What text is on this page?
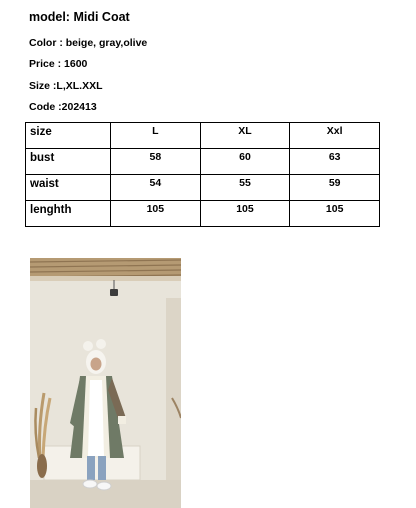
model: Midi Coat
Color : beige, gray,olive
Price : 1600
Size :L,XL.XXL
Code :202413
size	L	XL	Xxl
bust	58	60	63
waist	54	55	59
lenghth	105	105	105
